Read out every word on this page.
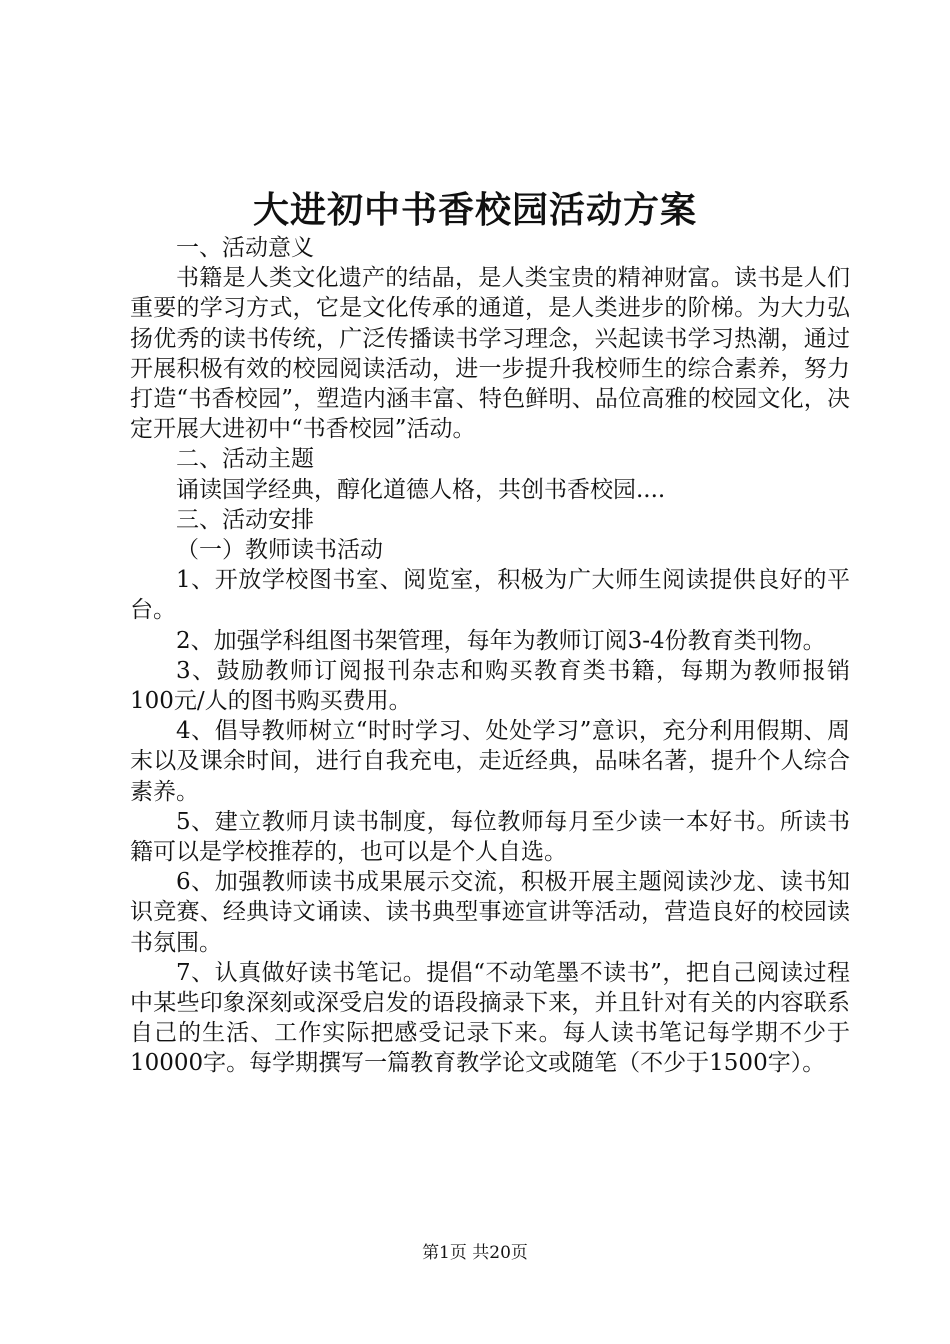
大进初中书香校园活动方案

一、活动意义

书籍是人类文化遗产的结晶，是人类宝贵的精神财富。读书是人们重要的学习方式，它是文化传承的通道，是人类进步的阶梯。为大力弘扬优秀的读书传统，广泛传播读书学习理念，兴起读书学习热潮，通过开展积极有效的校园阅读活动，进一步提升我校师生的综合素养，努力打造“书香校园”，塑造内涵丰富、特色鲜明、品位高雅的校园文化，决定开展大进初中“书香校园”活动。

二、活动主题

诵读国学经典，醇化道德人格，共创书香校园....

三、活动安排

（一）教师读书活动

1、开放学校图书室、阅览室，积极为广大师生阅读提供良好的平台。

2、加强学科组图书架管理，每年为教师订阅3-4份教育类刊物。

3、鼓励教师订阅报刊杂志和购买教育类书籍，每期为教师报销100元/人的图书购买费用。

4、倡导教师树立“时时学习、处处学习”意识，充分利用假期、周末以及课余时间，进行自我充电，走近经典，品味名著，提升个人综合素养。

5、建立教师月读书制度，每位教师每月至少读一本好书。所读书籍可以是学校推荐的，也可以是个人自选。

6、加强教师读书成果展示交流，积极开展主题阅读沙龙、读书知识竞赛、经典诗文诵读、读书典型事迹宣讲等活动，营造良好的校园读书氛围。

7、认真做好读书笔记。提倡“不动笔墨不读书”，把自己阅读过程中某些印象深刻或深受启发的语段摘录下来，并且针对有关的内容联系自己的生活、工作实际把感受记录下来。每人读书笔记每学期不少于10000字。每学期撰写一篇教育教学论文或随笔（不少于1500字）。

第1页 共20页
